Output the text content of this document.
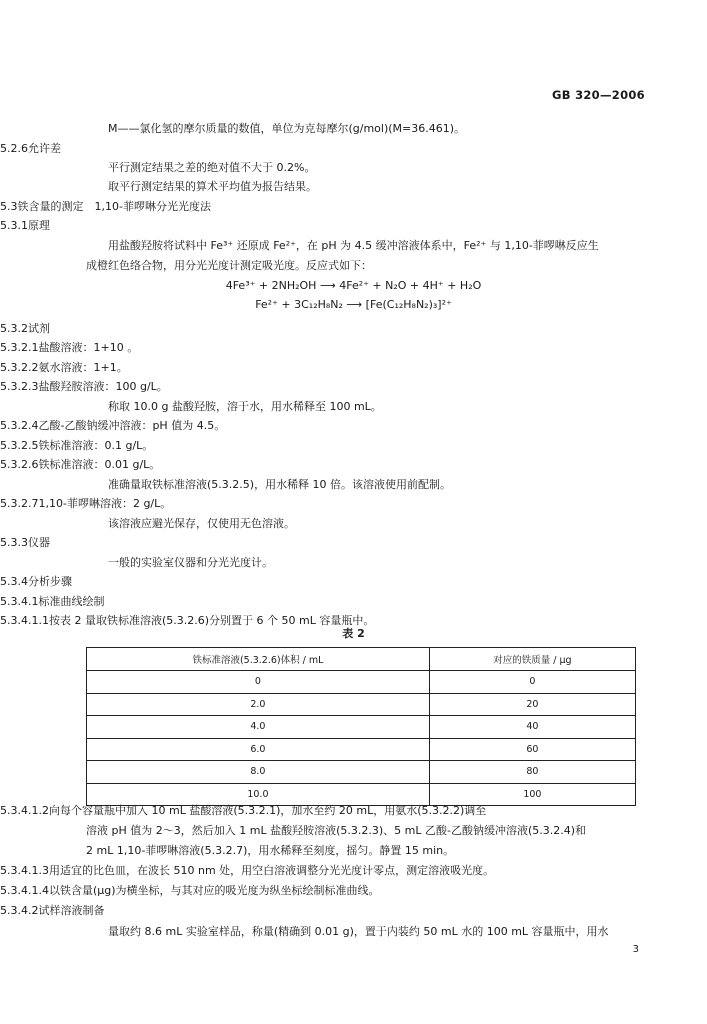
GB 320—2006
M——氯化氢的摩尔质量的数值，单位为克每摩尔(g/mol)(M=36.461)。
5.2.6允许差
平行测定结果之差的绝对值不大于 0.2%。
取平行测定结果的算术平均值为报告结果。
5.3铁含量的测定　1,10-菲啰啉分光光度法
5.3.1原理
用盐酸羟胺将试料中 Fe³⁺ 还原成 Fe²⁺，在 pH 为 4.5 缓冲溶液体系中，Fe²⁺ 与 1,10-菲啰啉反应生
成橙红色络合物，用分光光度计测定吸光度。反应式如下：
4Fe³⁺ + 2NH₂OH ⟶ 4Fe²⁺ + N₂O + 4H⁺ + H₂O
Fe²⁺ + 3C₁₂H₈N₂ ⟶ [Fe(C₁₂H₈N₂)₃]²⁺
5.3.2试剂
5.3.2.1盐酸溶液：1+10 。
5.3.2.2氨水溶液：1+1。
5.3.2.3盐酸羟胺溶液：100 g/L。
称取 10.0 g 盐酸羟胺，溶于水，用水稀释至 100 mL。
5.3.2.4乙酸-乙酸钠缓冲溶液：pH 值为 4.5。
5.3.2.5铁标准溶液：0.1 g/L。
5.3.2.6铁标准溶液：0.01 g/L。
准确量取铁标准溶液(5.3.2.5)，用水稀释 10 倍。该溶液使用前配制。
5.3.2.71,10-菲啰啉溶液：2 g/L。
该溶液应避光保存，仅使用无色溶液。
5.3.3仪器
一般的实验室仪器和分光光度计。
5.3.4分析步骤
5.3.4.1标准曲线绘制
5.3.4.1.1按表 2 量取铁标准溶液(5.3.2.6)分别置于 6 个 50 mL 容量瓶中。
表 2
铁标准溶液(5.3.2.6)体积 / mL	对应的铁质量 / μg
0	0
2.0	20
4.0	40
6.0	60
8.0	80
10.0	100
5.3.4.1.2向每个容量瓶中加入 10 mL 盐酸溶液(5.3.2.1)，加水至约 20 mL，用氨水(5.3.2.2)调至
溶液 pH 值为 2～3，然后加入 1 mL 盐酸羟胺溶液(5.3.2.3)、5 mL 乙酸-乙酸钠缓冲溶液(5.3.2.4)和
2 mL 1,10-菲啰啉溶液(5.3.2.7)，用水稀释至刻度，摇匀。静置 15 min。
5.3.4.1.3用适宜的比色皿，在波长 510 nm 处，用空白溶液调整分光光度计零点，测定溶液吸光度。
5.3.4.1.4以铁含量(μg)为横坐标，与其对应的吸光度为纵坐标绘制标准曲线。
5.3.4.2试样溶液制备
量取约 8.6 mL 实验室样品，称量(精确到 0.01 g)，置于内装约 50 mL 水的 100 mL 容量瓶中，用水
3
